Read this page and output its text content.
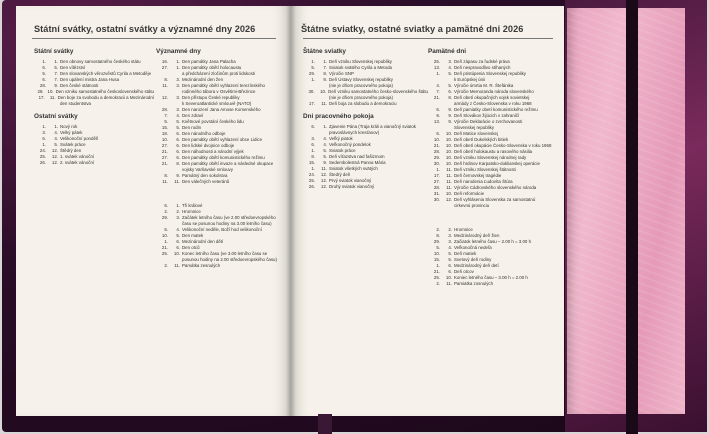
Státní svátky, ostatní svátky a významné dny 2026
Státní svátky
1.	1. Den obnovy samostatného českého státu
6.	5. Den vítězství
5.	7. Den slovanských věrozvěstů Cyrila a Metoděje
6.	7. Den upálení mistra Jana Husa
28.	9. Den české státnosti
28. 10. Den vzniku samostatného československého státu
17.	11. Den boje za svobodu a demokracii a Mezinárodní
den studentstva
Ostatní svátky
1.	1. Nový rok
3.	4. Velký pátek
6.	4. Velikonoční pondělí
1.	5. Svátek práce
24.	12. Štědrý den
25.	12. 1. svátek vánoční
26.	12. 2. svátek vánoční
Významné dny
16.	1. Den památky Jana Palacha
27.	1. Den památky obětí holocaustu
a předcházení zločinům proti lidskosti
8.	3. Mezinárodní den žen
11.	3. Den památky obětí vyhlazení terezínského
rodinného tábora v Osvětimi-Březince
12.	3. Den přístupu České republiky
k Severoatlantické smlouvě (NATO)
28.	3. Den narození Jana Amose Komenského
7.	4. Den zdraví
5.	5. Květnové povstání českého lidu
15.	5. Den rodin
18.	6. Den národního odboje
10.	6. Den památky obětí vyhlazení obce Lidice
27.	6. Den lidské dvojnice odboje
21.	6. Den náhodnosti a národní výjek
27.	6. Den památky obětí komunistického režimu
21.	8. Den památky obětí invaze a následné okupace
vojsky Varšavské smlouvy
8.	9. Památný den sokolstva
11.	11. Den válečných veteránů
6.	1. Tři králové
2.	2. Hromnice
29.	3. Začátek letního času (ve 2.00 středoevropského
času se posunou hodiny na 3.00 letního času)
5.	4. Velikonoční neděle, Boží hod velikonoční
10.	5. Den matek
1.	6. Mezinárodní den dětí
21.	6. Den otců
25.	10. Konec letního času (ve 3.00 letního času se
posunou hodiny na 2.00 středoevropského času)
2.	11. Památka zesnulých
Štátne sviatky, ostatné sviatky a pamätné dni 2026
Štátne sviatky
1.	1. Deň vzniku Slovenskej republiky
5.	7. Sviatok svätého Cyrila a Metoda
29.	8. Výročie SNP
1.	9. Deň Ústavy Slovenskej republiky
(nie je dňom pracovného pokoja)
30.	10. Deň vzniku samostatného česko-slovenského štátu
(nie je dňom pracovného pokoja)
17.	11. Deň boja za slobodu a demokraciu
Dni pracovného pokoja
6.	1. Zjavenie Pána (Traja králi a vianočný sviatok
pravoslávnych kresťanov)
3.	4. Veľký piatok
6.	4. Veľkonočný pondelok
1.	5. Sviatok práce
8.	5. Deň víťazstva nad fašizmom
15.	9. Sedembolestná Panna Mária
1.	11. Sviatok všetkých svätých
24.	12. Štedrý deň
25.	12. Prvý sviatok vianočný
26.	12. Druhý sviatok vianočný
Pamätné dni
25.	3. Deň zápasu za ľudské práva
13.	4. Deň nespravodlivo stíhaných
1.	5. Deň pristúpenia Slovenskej republiky
k Európskej únii
4.	5. Výročie úmrtia M. R. Štefánika
7.	6. Výročie Memoranda národa slovenského
21.	8. Deň obetí okupačných vojsk sovietskej
armády z Česko-Slovenska v roku 1968
6.	9. Deň pamiatky obetí komunistického režimu
9.	9. Deň Slovákov žijúcich v zahraničí
13.	9. Výročie Deklarácie o zvrchovanosti
Slovenskej republiky
6.	10. Deň Matice slovenskej
10.	10. Deň obetí Dukelských bitiek
21.	10. Deň obetí okupácie Česko-Slovenska v roku 1968
28.	10. Deň obetí holokaustu a rasového násilia
29.	10. Deň vzniku Slovenskej národnej rady
30.	10. Deň hrdinov Karpatsko-duklianskej operácie
1.	11. Deň vzniku Slovenskej štátnosti
17.	11. Deň černovskej tragédie
27.	11. Deň narodenia Ľudovíta Štúra
28.	11. Výročie Cádrovského slovenského národa
31.	10. Deň reformácie
30.	12. Deň vyhlásenia Slovenska za samostatnú
cirkevnú provinciu
2.	2. Hromnice
8.	3. Medzinárodný deň žien
29.	3. Začiatok letného času – 2.00 h = 3.00 h
5.	4. Veľkonočná nedeľa
10.	5. Deň matiek
15.	5. Svetový deň rodiny
1.	6. Medzinárodný deň detí
21.	6. Deň otcov
25.	10. Koniec letného času – 3.00 h = 2.00 h
2.	11. Pamiatka zosnulých
